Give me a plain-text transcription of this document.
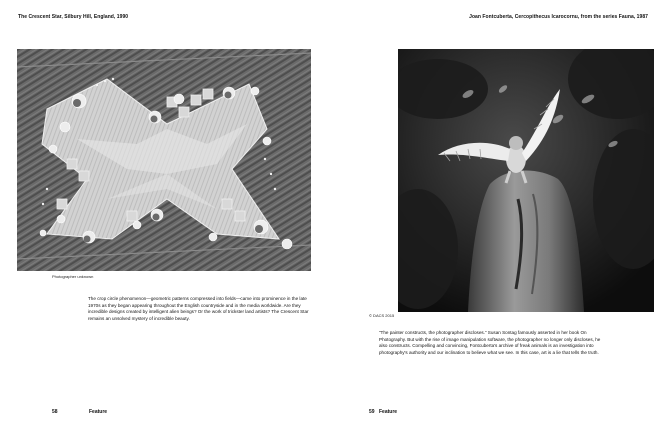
The Crescent Star, Silbury Hill, England, 1990
Photographer unknown
The crop circle phenomenon—geometric patterns compressed into fields—came into prominence in the late 1970s as they began appearing throughout the English countryside and in the media worldwide. Are they incredible designs created by intelligent alien beings? Or the work of trickster land artists? The Crescent Star remains an unsolved mystery of incredible beauty.
58	Feature
Joan Fontcuberta, Cercopithecus Icarocornu, from the series Fauna, 1987
© DACS 2015
“The painter constructs, the photographer discloses.” Susan Sontag famously asserted in her book On Photography. But with the rise of image manipulation software, the photographer no longer only discloses, he also constructs. Compelling and convincing, Fontcuberta's archive of freak animals is an investigation into photography's authority and our inclination to believe what we see. In this case, art is a lie that tells the truth.
59 Feature
